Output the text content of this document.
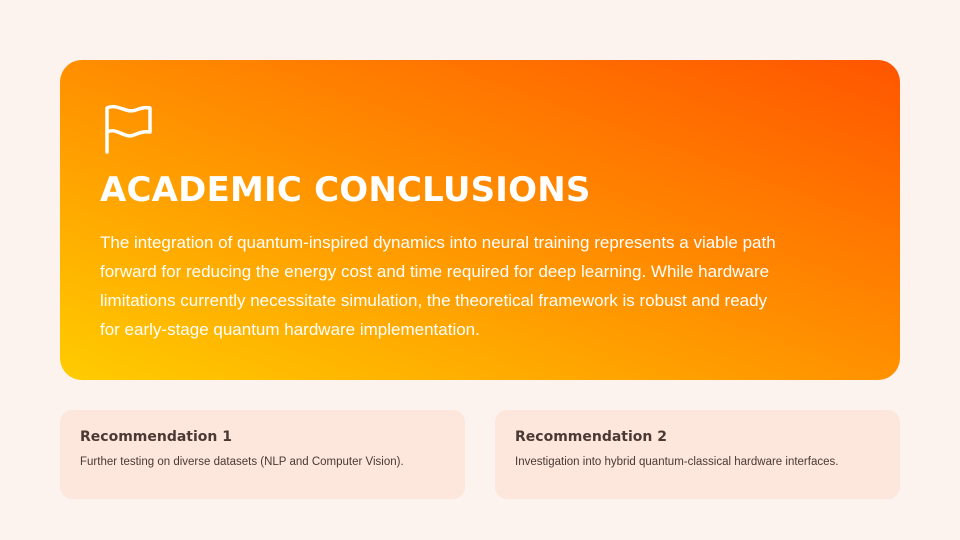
ACADEMIC CONCLUSIONS

The integration of quantum-inspired dynamics into neural training represents a viable path forward for reducing the energy cost and time required for deep learning. While hardware limitations currently necessitate simulation, the theoretical framework is robust and ready for early-stage quantum hardware implementation.

Recommendation 1

Further testing on diverse datasets (NLP and Computer Vision).

Recommendation 2

Investigation into hybrid quantum-classical hardware interfaces.
